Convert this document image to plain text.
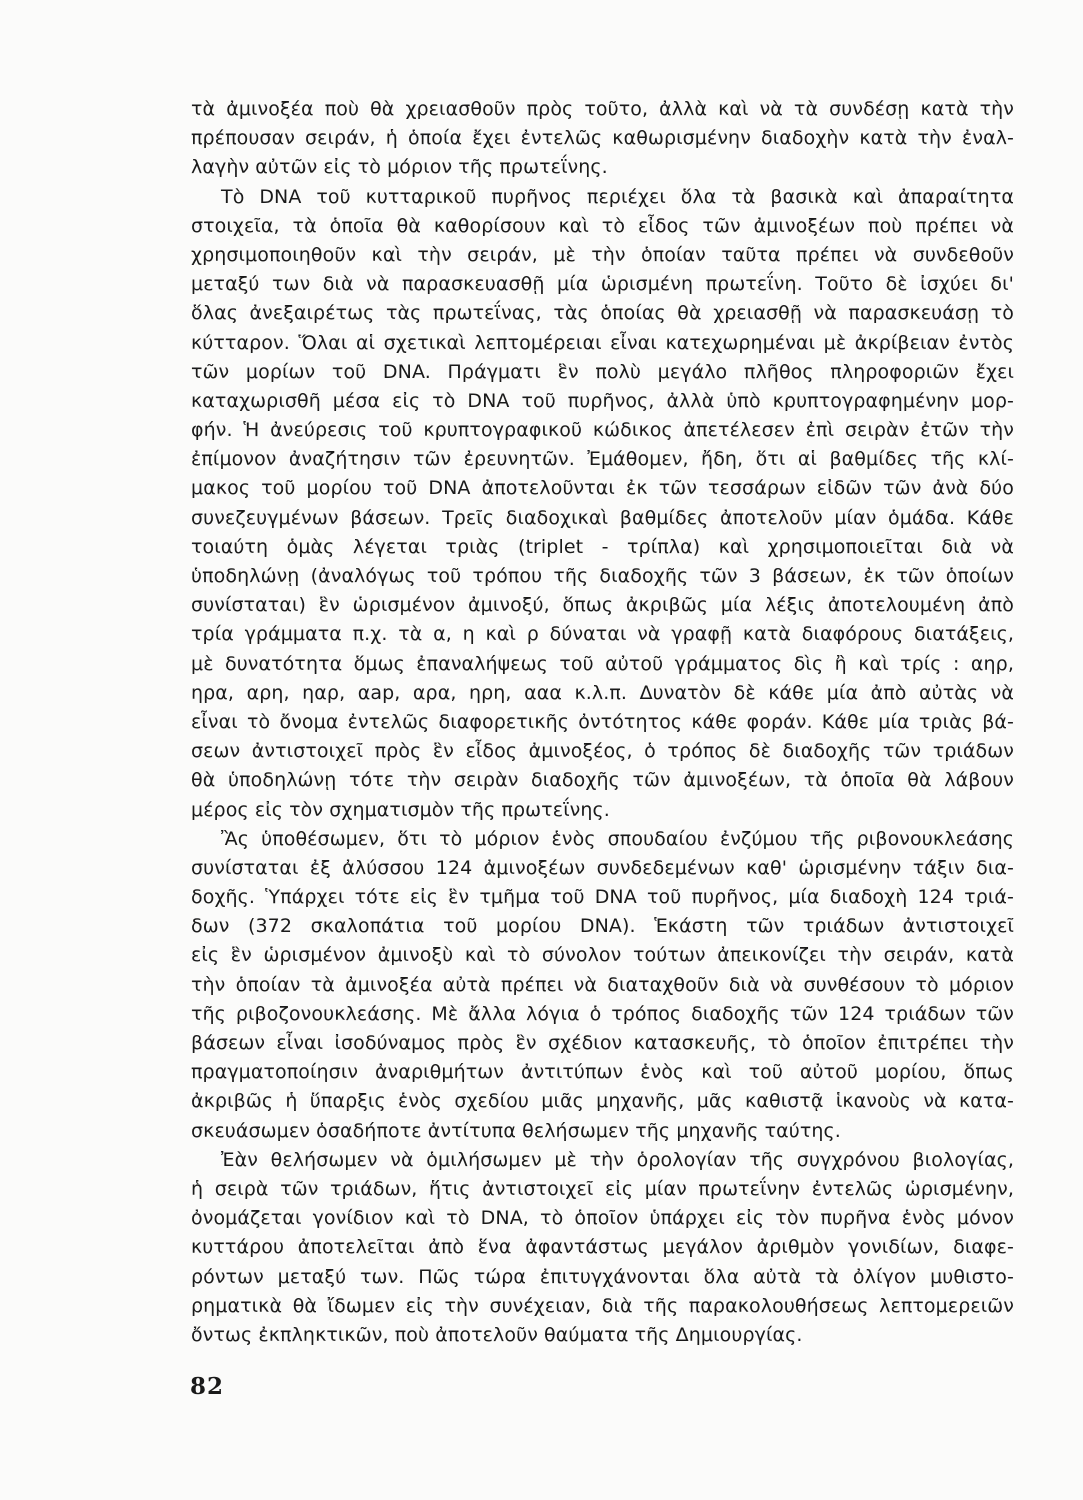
τὰ ἀμινοξέα ποὺ θὰ χρειασθοῦν πρὸς τοῦτο, ἀλλὰ καὶ νὰ τὰ συνδέσῃ κατὰ τὴν
πρέπουσαν σειράν, ἡ ὁποία ἔχει ἐντελῶς καθωρισμένην διαδοχὴν κατὰ τὴν ἐναλ-
λαγὴν αὐτῶν εἰς τὸ μόριον τῆς πρωτεΐνης.
Τὸ DNA τοῦ κυτταρικοῦ πυρῆνος περιέχει ὅλα τὰ βασικὰ καὶ ἀπαραίτητα
στοιχεῖα, τὰ ὁποῖα θὰ καθορίσουν καὶ τὸ εἶδος τῶν ἀμινοξέων ποὺ πρέπει νὰ
χρησιμοποιηθοῦν καὶ τὴν σειράν, μὲ τὴν ὁποίαν ταῦτα πρέπει νὰ συνδεθοῦν
μεταξύ των διὰ νὰ παρασκευασθῇ μία ὡρισμένη πρωτεΐνη. Τοῦτο δὲ ἰσχύει δι'
ὅλας ἀνεξαιρέτως τὰς πρωτεΐνας, τὰς ὁποίας θὰ χρειασθῇ νὰ παρασκευάσῃ τὸ
κύτταρον. Ὅλαι αἱ σχετικαὶ λεπτομέρειαι εἶναι κατεχωρημέναι μὲ ἀκρίβειαν ἐντὸς
τῶν μορίων τοῦ DNA. Πράγματι ἓν πολὺ μεγάλο πλῆθος πληροφοριῶν ἔχει
καταχωρισθῆ μέσα εἰς τὸ DNA τοῦ πυρῆνος, ἀλλὰ ὑπὸ κρυπτογραφημένην μορ-
φήν. Ἡ ἀνεύρεσις τοῦ κρυπτογραφικοῦ κώδικος ἀπετέλεσεν ἐπὶ σειρὰν ἐτῶν τὴν
ἐπίμονον ἀναζήτησιν τῶν ἐρευνητῶν. Ἐμάθομεν, ἤδη, ὅτι αἱ βαθμίδες τῆς κλί-
μακος τοῦ μορίου τοῦ DNA ἀποτελοῦνται ἐκ τῶν τεσσάρων εἰδῶν τῶν ἀνὰ δύο
συνεζευγμένων βάσεων. Τρεῖς διαδοχικαὶ βαθμίδες ἀποτελοῦν μίαν ὁμάδα. Κάθε
τοιαύτη ὁμὰς λέγεται τριὰς (triplet - τρίπλα) καὶ χρησιμοποιεῖται διὰ νὰ
ὑποδηλώνῃ (ἀναλόγως τοῦ τρόπου τῆς διαδοχῆς τῶν 3 βάσεων, ἐκ τῶν ὁποίων
συνίσταται) ἓν ὡρισμένον ἀμινοξύ, ὅπως ἀκριβῶς μία λέξις ἀποτελουμένη ἀπὸ
τρία γράμματα π.χ. τὰ α, η καὶ ρ δύναται νὰ γραφῇ κατὰ διαφόρους διατάξεις,
μὲ δυνατότητα ὅμως ἐπαναλήψεως τοῦ αὐτοῦ γράμματος δὶς ἢ καὶ τρίς : αηρ,
ηρα, αρη, ηαρ, αар, αρα, ηρη, ααα κ.λ.π. Δυνατὸν δὲ κάθε μία ἀπὸ αὐτὰς νὰ
εἶναι τὸ ὄνομα ἐντελῶς διαφορετικῆς ὀντότητος κάθε φοράν. Κάθε μία τριὰς βά-
σεων ἀντιστοιχεῖ πρὸς ἓν εἶδος ἀμινοξέος, ὁ τρόπος δὲ διαδοχῆς τῶν τριάδων
θὰ ὑποδηλώνῃ τότε τὴν σειρὰν διαδοχῆς τῶν ἀμινοξέων, τὰ ὁποῖα θὰ λάβουν
μέρος εἰς τὸν σχηματισμὸν τῆς πρωτεΐνης.
Ἂς ὑποθέσωμεν, ὅτι τὸ μόριον ἑνὸς σπουδαίου ἐνζύμου τῆς ριβονουκλεάσης
συνίσταται ἐξ ἀλύσσου 124 ἀμινοξέων συνδεδεμένων καθ' ὡρισμένην τάξιν δια-
δοχῆς. Ὑπάρχει τότε εἰς ἓν τμῆμα τοῦ DNA τοῦ πυρῆνος, μία διαδοχὴ 124 τριά-
δων (372 σκαλοπάτια τοῦ μορίου DNA). Ἑκάστη τῶν τριάδων ἀντιστοιχεῖ
εἰς ἓν ὡρισμένον ἀμινοξὺ καὶ τὸ σύνολον τούτων ἀπεικονίζει τὴν σειράν, κατὰ
τὴν ὁποίαν τὰ ἀμινοξέα αὐτὰ πρέπει νὰ διαταχθοῦν διὰ νὰ συνθέσουν τὸ μόριον
τῆς ριβοζονουκλεάσης. Μὲ ἄλλα λόγια ὁ τρόπος διαδοχῆς τῶν 124 τριάδων τῶν
βάσεων εἶναι ἰσοδύναμος πρὸς ἓν σχέδιον κατασκευῆς, τὸ ὁποῖον ἐπιτρέπει τὴν
πραγματοποίησιν ἀναριθμήτων ἀντιτύπων ἑνὸς καὶ τοῦ αὐτοῦ μορίου, ὅπως
ἀκριβῶς ἡ ὕπαρξις ἑνὸς σχεδίου μιᾶς μηχανῆς, μᾶς καθιστᾷ ἱκανοὺς νὰ κατα-
σκευάσωμεν ὁσαδήποτε ἀντίτυπα θελήσωμεν τῆς μηχανῆς ταύτης.
Ἐὰν θελήσωμεν νὰ ὁμιλήσωμεν μὲ τὴν ὁρολογίαν τῆς συγχρόνου βιολογίας,
ἡ σειρὰ τῶν τριάδων, ἥτις ἀντιστοιχεῖ εἰς μίαν πρωτεΐνην ἐντελῶς ὡρισμένην,
ὀνομάζεται γονίδιον καὶ τὸ DNA, τὸ ὁποῖον ὑπάρχει εἰς τὸν πυρῆνα ἑνὸς μόνον
κυττάρου ἀποτελεῖται ἀπὸ ἕνα ἀφαντάστως μεγάλον ἀριθμὸν γονιδίων, διαφε-
ρόντων μεταξύ των. Πῶς τώρα ἐπιτυγχάνονται ὅλα αὐτὰ τὰ ὀλίγον μυθιστο-
ρηματικὰ θὰ ἴδωμεν εἰς τὴν συνέχειαν, διὰ τῆς παρακολουθήσεως λεπτομερειῶν
ὄντως ἐκπληκτικῶν, ποὺ ἀποτελοῦν θαύματα τῆς Δημιουργίας.
82
